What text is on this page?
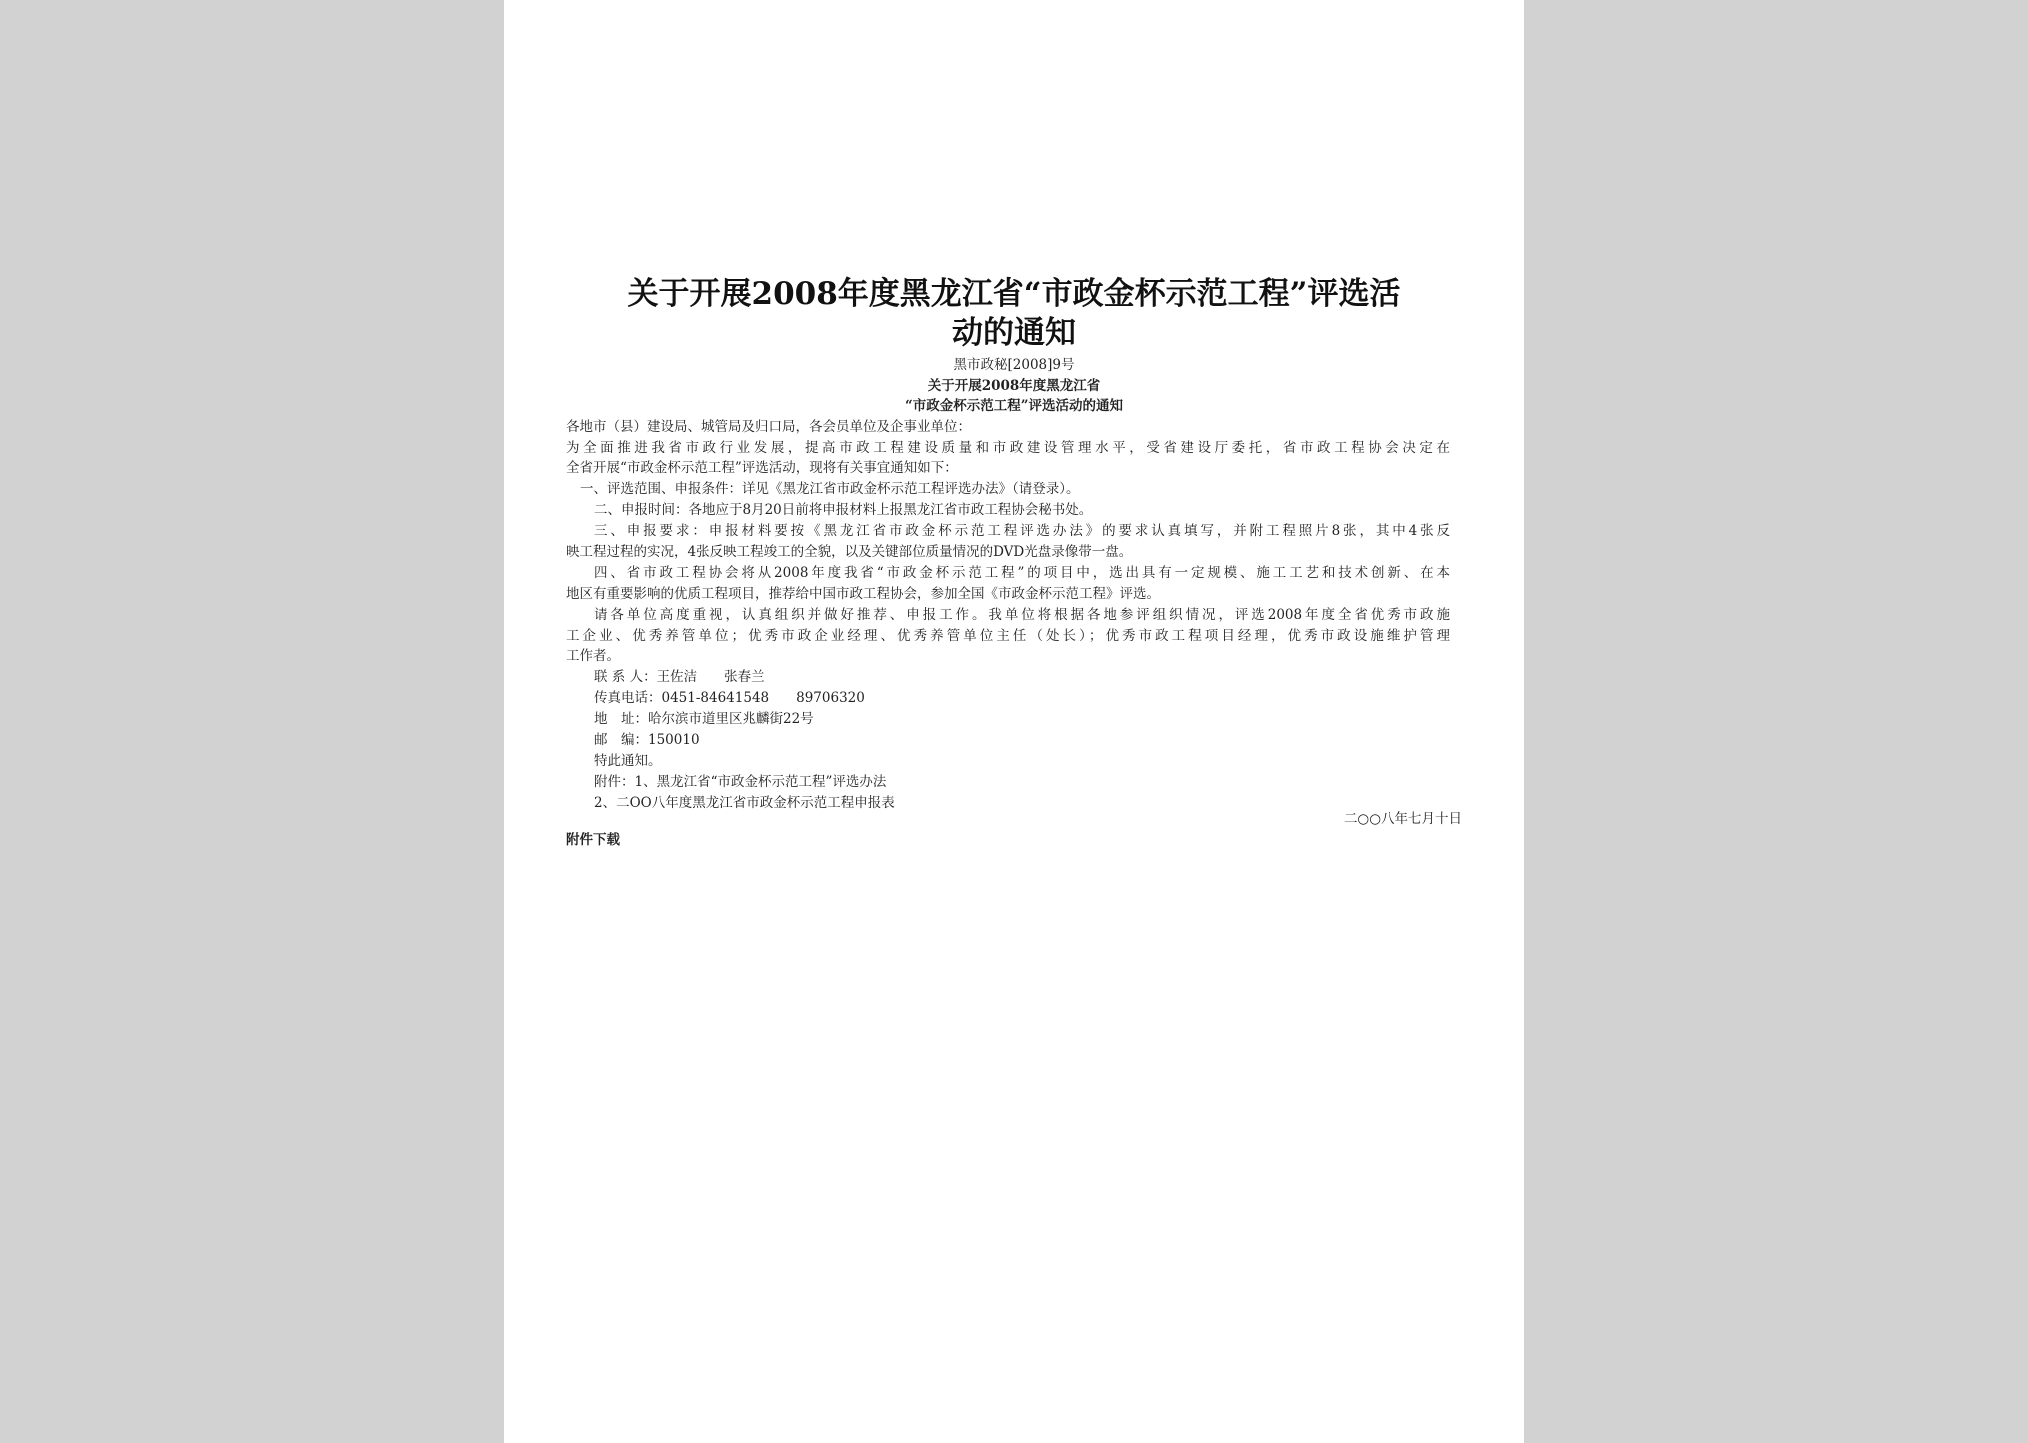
关于开展2008年度黑龙江省“市政金杯示范工程”评选活
动的通知
黑市政秘[2008]9号
关于开展2008年度黑龙江省
“市政金杯示范工程”评选活动的通知
各地市（县）建设局、城管局及归口局，各会员单位及企事业单位：
为全面推进我省市政行业发展，提高市政工程建设质量和市政建设管理水平，受省建设厅委托，省市政工程协会决定在
全省开展“市政金杯示范工程”评选活动，现将有关事宜通知如下：
一、评选范围、申报条件：详见《黑龙江省市政金杯示范工程评选办法》（请登录）。
二、申报时间：各地应于8月20日前将申报材料上报黑龙江省市政工程协会秘书处。
三、申报要求：申报材料要按《黑龙江省市政金杯示范工程评选办法》的要求认真填写，并附工程照片8张，其中4张反
映工程过程的实况，4张反映工程竣工的全貌，以及关键部位质量情况的DVD光盘录像带一盘。
四、省市政工程协会将从2008年度我省“市政金杯示范工程”的项目中，选出具有一定规模、施工工艺和技术创新、在本
地区有重要影响的优质工程项目，推荐给中国市政工程协会，参加全国《市政金杯示范工程》评选。
请各单位高度重视，认真组织并做好推荐、申报工作。我单位将根据各地参评组织情况，评选2008年度全省优秀市政施
工企业、优秀养管单位；优秀市政企业经理、优秀养管单位主任（处长）；优秀市政工程项目经理，优秀市政设施维护管理
工作者。
联 系 人：王佐洁　　张春兰
传真电话：0451-84641548　　89706320
地　址：哈尔滨市道里区兆麟街22号
邮　编：150010
特此通知。
附件：1、黑龙江省“市政金杯示范工程”评选办法
2、二OO八年度黑龙江省市政金杯示范工程申报表
二○○八年七月十日
附件下载
